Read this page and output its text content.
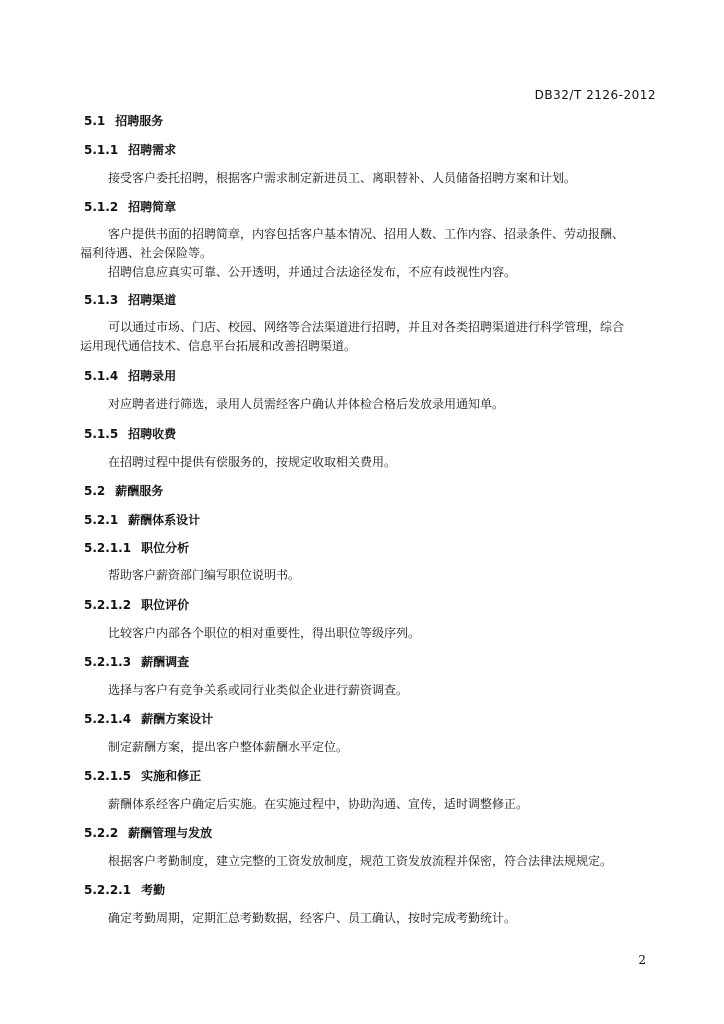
DB32/T 2126-2012
5.1 招聘服务
5.1.1 招聘需求

接受客户委托招聘，根据客户需求制定新进员工、离职替补、人员储备招聘方案和计划。

5.1.2 招聘简章

客户提供书面的招聘简章，内容包括客户基本情况、招用人数、工作内容、招录条件、劳动报酬、

福利待遇、社会保险等。

招聘信息应真实可靠、公开透明，并通过合法途径发布，不应有歧视性内容。

5.1.3 招聘渠道

可以通过市场、门店、校园、网络等合法渠道进行招聘，并且对各类招聘渠道进行科学管理，综合

运用现代通信技术、信息平台拓展和改善招聘渠道。

5.1.4 招聘录用

对应聘者进行筛选，录用人员需经客户确认并体检合格后发放录用通知单。

5.1.5 招聘收费

在招聘过程中提供有偿服务的，按规定收取相关费用。

5.2 薪酬服务
5.2.1 薪酬体系设计
5.2.1.1 职位分析

帮助客户薪资部门编写职位说明书。

5.2.1.2 职位评价

比较客户内部各个职位的相对重要性，得出职位等级序列。

5.2.1.3 薪酬调查

选择与客户有竞争关系或同行业类似企业进行薪资调查。

5.2.1.4 薪酬方案设计

制定薪酬方案，提出客户整体薪酬水平定位。

5.2.1.5 实施和修正

薪酬体系经客户确定后实施。在实施过程中，协助沟通、宣传，适时调整修正。

5.2.2 薪酬管理与发放

根据客户考勤制度，建立完整的工资发放制度，规范工资发放流程并保密，符合法律法规规定。

5.2.2.1 考勤

确定考勤周期，定期汇总考勤数据，经客户、员工确认，按时完成考勤统计。

2
